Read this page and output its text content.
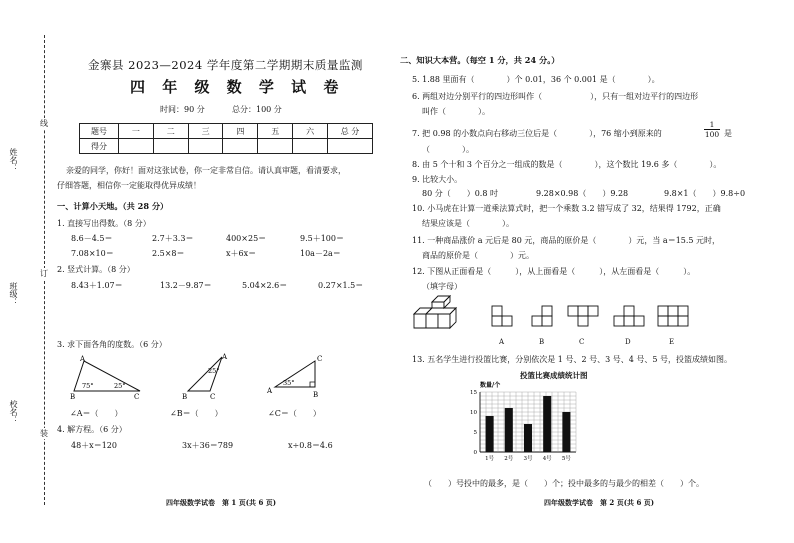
姓名：
班级：
校名：
线
订
装
金寨县 2023—2024 学年度第二学期期末质量监测
四 年 级 数 学 试 卷
时间：90 分	总分：100 分
题号	一	二	三	四	五	六	总 分
得分							
亲爱的同学，你好！面对这张试卷，你一定非常自信。请认真审题，看清要求，
仔细答题，相信你一定能取得优异成绩！
一、计算小天地。（共 28 分）
1. 直接写出得数。（8 分）
8.6－4.5＝	2.7＋3.3＝	400×25＝	9.5＋100＝
7.08×10＝	2.5×8＝	x＋6x＝	10a－2a＝
2. 竖式计算。（8 分）
8.43＋1.07＝	13.2－9.87＝	5.04×2.6＝	0.27×1.5＝
3. 求下面各角的度数。（6 分）
A
B	C
75°	25°
A
B	C
25°
C
A	B
35°
∠A＝（　　）	∠B＝（　　）	∠C＝（　　）
4. 解方程。（6 分）
48＋x＝120	3x＋36＝789	x÷0.8＝4.6
四年级数学试卷　第 1 页(共 6 页)
二、知识大本营。（每空 1 分，共 24 分。）
5. 1.88 里面有（　　　　）个 0.01，36 个 0.001 是（　　　　）。
6. 两组对边分别平行的四边形叫作（　　　　　　），只有一组对边平行的四边形
叫作（　　　　）。
7. 把 0.98 的小数点向右移动三位后是（　　　　），76 缩小到原来的	$\frac{1}{100}$ 是
（　　　　）。
8. 由 5 个十和 3 个百分之一组成的数是（　　　　），这个数比 19.6 多（　　　　）。
9. 比较大小。
80 分（　　）0.8 吋	9.28×0.98（　　）9.28	9.8×1（　　）9.8÷0
10. 小马虎在计算一道乘法算式时，把一个乘数 3.2 错写成了 32，结果得 1792，正确
结果应该是（　　　　）。
11. 一种商品涨价 a 元后是 80 元，商品的原价是（　　　　）元，当 a＝15.5 元时，
商品的原价是（　　　　）元。
12. 下图从正面看是（　　　），从上面看是（　　　），从左面看是（　　　）。
（填字母）
A	B	C	D	E
13. 五名学生进行投篮比赛，分别依次是 1 号、2 号、3 号、4 号、5 号，投篮成绩如图。
投篮比赛成绩统计图
数量/个
0
5
10
15
1号 2号 3号 4号 5号
（　　）号投中的最多，是（　　）个；投中最多的与最少的相差（　　）个。
四年级数学试卷　第 2 页(共 6 页)
